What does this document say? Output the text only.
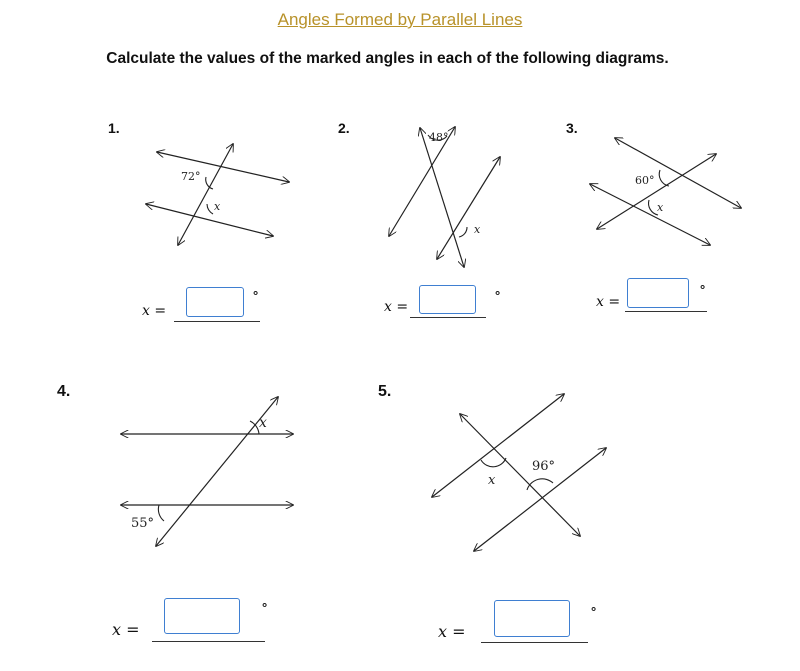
Angles Formed by Parallel Lines
Calculate the values of the marked angles in each of the following diagrams.
1.	2.	3.
4.	5.
72°
x
48°
x
60°
x
55°
x
96°
x
x =
°
x =
°	x =
°
x =
°
x =
°
